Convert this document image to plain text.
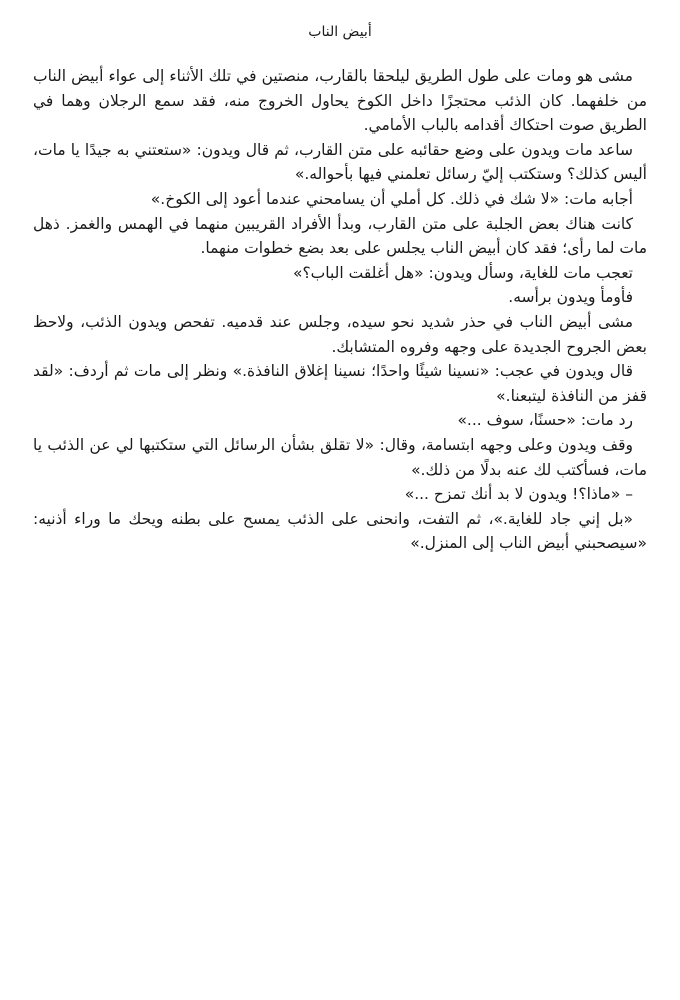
أبيض الناب

مشى هو ومات على طول الطريق ليلحقا بالقارب، منصتين في تلك الأثناء إلى عواء أبيض الناب من خلفهما. كان الذئب محتجزًا داخل الكوخ يحاول الخروج منه، فقد سمع الرجلان وهما في الطريق صوت احتكاك أقدامه بالباب الأمامي.

ساعد مات ويدون على وضع حقائبه على متن القارب، ثم قال ويدون: «ستعتني به جيدًا يا مات، أليس كذلك؟ وستكتب إليّ رسائل تعلمني فيها بأحواله.»

أجابه مات: «لا شك في ذلك. كل أملي أن يسامحني عندما أعود إلى الكوخ.»

كانت هناك بعض الجلبة على متن القارب، وبدأ الأفراد القريبين منهما في الهمس والغمز. ذهل مات لما رأى؛ فقد كان أبيض الناب يجلس على بعد بضع خطوات منهما.

تعجب مات للغاية، وسأل ويدون: «هل أغلقت الباب؟»

فأومأ ويدون برأسه.

مشى أبيض الناب في حذر شديد نحو سيده، وجلس عند قدميه. تفحص ويدون الذئب، ولاحظ بعض الجروح الجديدة على وجهه وفروه المتشابك.

قال ويدون في عجب: «نسينا شيئًا واحدًا؛ نسينا إغلاق النافذة.» ونظر إلى مات ثم أردف: «لقد قفز من النافذة ليتبعنا.»

رد مات: «حسنًا، سوف ...»

وقف ويدون وعلى وجهه ابتسامة، وقال: «لا تقلق بشأن الرسائل التي ستكتبها لي عن الذئب يا مات، فسأكتب لك عنه بدلًا من ذلك.»

– «ماذا؟! ويدون لا بد أنك تمزح ...»

«بل إني جاد للغاية.»، ثم التفت، وانحنى على الذئب يمسح على بطنه ويحك ما وراء أذنيه: «سيصحبني أبيض الناب إلى المنزل.»
